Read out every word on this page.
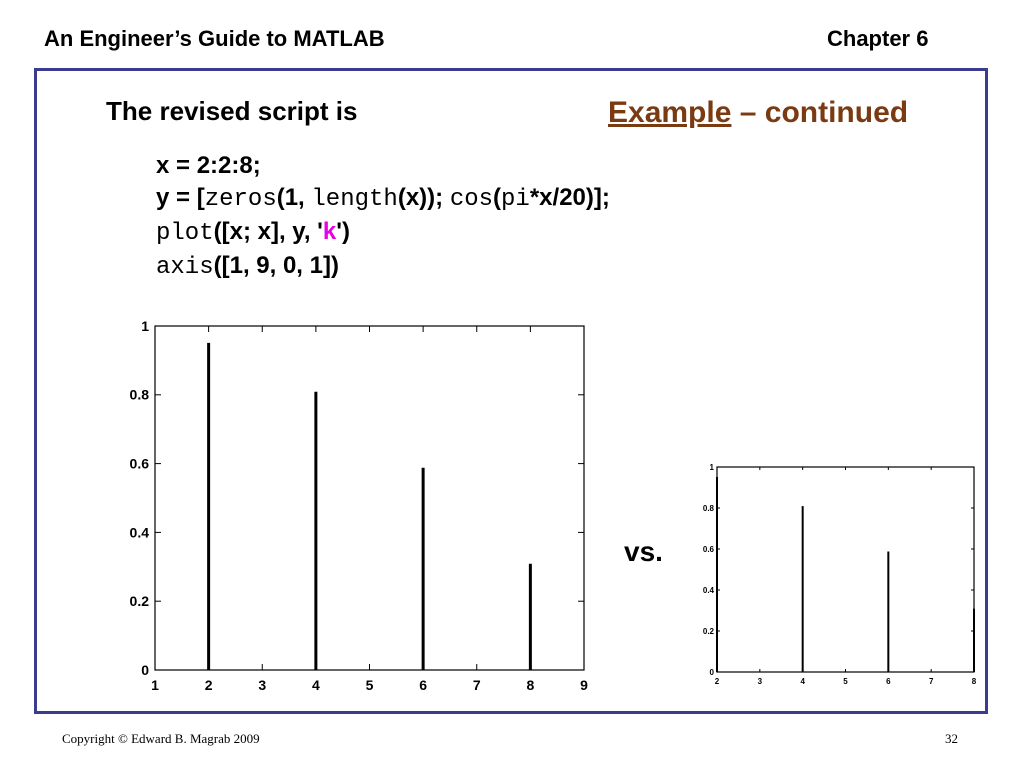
An Engineer’s Guide to MATLAB	Chapter 6
The revised script is	Example – continued
x = 2:2:8;
y = [zeros(1, length(x)); cos(pi*x/20)];
plot([x; x], y, 'k')
axis([1, 9, 0, 1])
vs.
1	2	3	4	5	6	7	8	9
0
0.2
0.4
0.6
0.8
1
2	3	4	5	6	7	8
0
0.2
0.4
0.6
0.8
1
Copyright © Edward B. Magrab 2009	32
